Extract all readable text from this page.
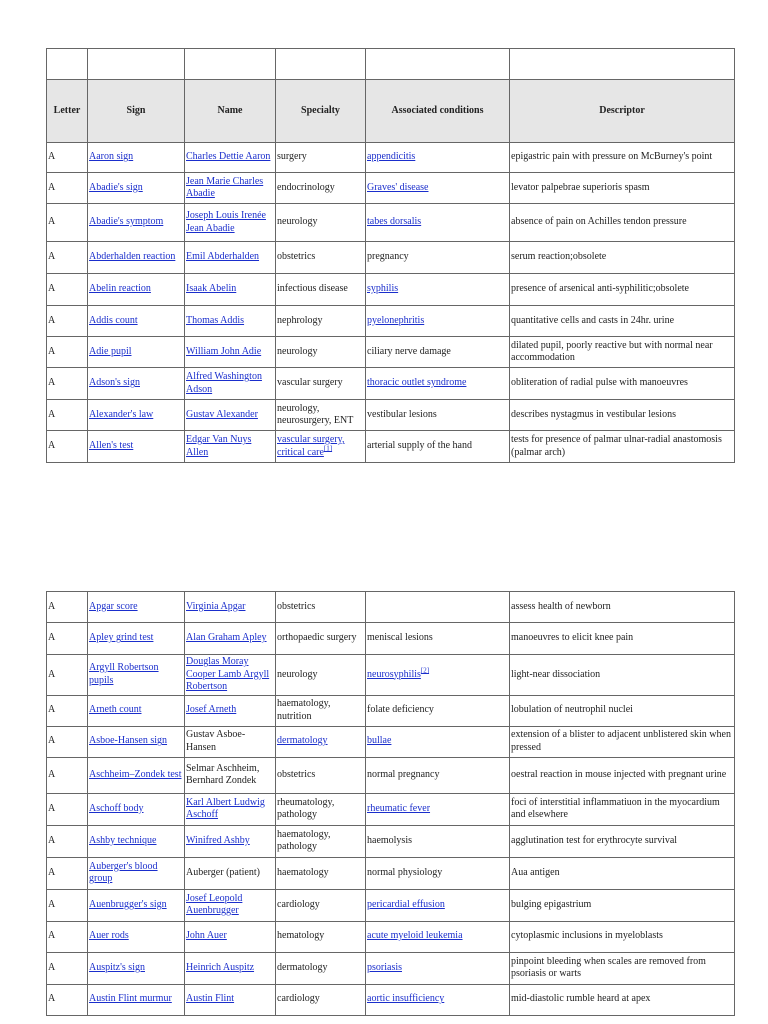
Letter	Sign	Name	Specialty	Associated conditions	Descriptor
A	Aaron sign	Charles Dettie Aaron	surgery	appendicitis	epigastric pain with pressure on McBurney's point
A	Abadie's sign	Jean Marie Charles Abadie	endocrinology	Graves' disease	levator palpebrae superioris spasm
A	Abadie's symptom	Joseph Louis Irenée Jean Abadie	neurology	tabes dorsalis	absence of pain on Achilles tendon pressure
A	Abderhalden reaction	Emil Abderhalden	obstetrics	pregnancy	serum reaction;obsolete
A	Abelin reaction	Isaak Abelin	infectious disease	syphilis	presence of arsenical anti-syphilitic;obsolete
A	Addis count	Thomas Addis	nephrology	pyelonephritis	quantitative cells and casts in 24hr. urine
A	Adie pupil	William John Adie	neurology	ciliary nerve damage	dilated pupil, poorly reactive but with normal near accommodation
A	Adson's sign	Alfred Washington Adson	vascular surgery	thoracic outlet syndrome	obliteration of radial pulse with manoeuvres
A	Alexander's law	Gustav Alexander	neurology, neurosurgery, ENT	vestibular lesions	describes nystagmus in vestibular lesions
A	Allen's test	Edgar Van Nuys Allen	vascular surgery, critical care[1]	arterial supply of the hand	tests for presence of palmar ulnar-radial anastomosis (palmar arch)
A	Apgar score	Virginia Apgar	obstetrics		assess health of newborn
A	Apley grind test	Alan Graham Apley	orthopaedic surgery	meniscal lesions	manoeuvres to elicit knee pain
A	Argyll Robertson pupils	Douglas Moray Cooper Lamb Argyll Robertson	neurology	neurosyphilis[2]	light-near dissociation
A	Arneth count	Josef Arneth	haematology, nutrition	folate deficiency	lobulation of neutrophil nuclei
A	Asboe-Hansen sign	Gustav Asboe-Hansen	dermatology	bullae	extension of a blister to adjacent unblistered skin when pressed
A	Aschheim–Zondek test	Selmar Aschheim, Bernhard Zondek	obstetrics	normal pregnancy	oestral reaction in mouse injected with pregnant urine
A	Aschoff body	Karl Albert Ludwig Aschoff	rheumatology, pathology	rheumatic fever	foci of interstitial inflammatiuon in the myocardium and elsewhere
A	Ashby technique	Winifred Ashby	haematology, pathology	haemolysis	agglutination test for erythrocyte survival
A	Auberger's blood group	Auberger (patient)	haematology	normal physiology	Aua antigen
A	Auenbrugger's sign	Josef Leopold Auenbrugger	cardiology	pericardial effusion	bulging epigastrium
A	Auer rods	John Auer	hematology	acute myeloid leukemia	cytoplasmic inclusions in myeloblasts
A	Auspitz's sign	Heinrich Auspitz	dermatology	psoriasis	pinpoint bleeding when scales are removed from psoriasis or warts
A	Austin Flint murmur	Austin Flint	cardiology	aortic insufficiency	mid-diastolic rumble heard at apex
